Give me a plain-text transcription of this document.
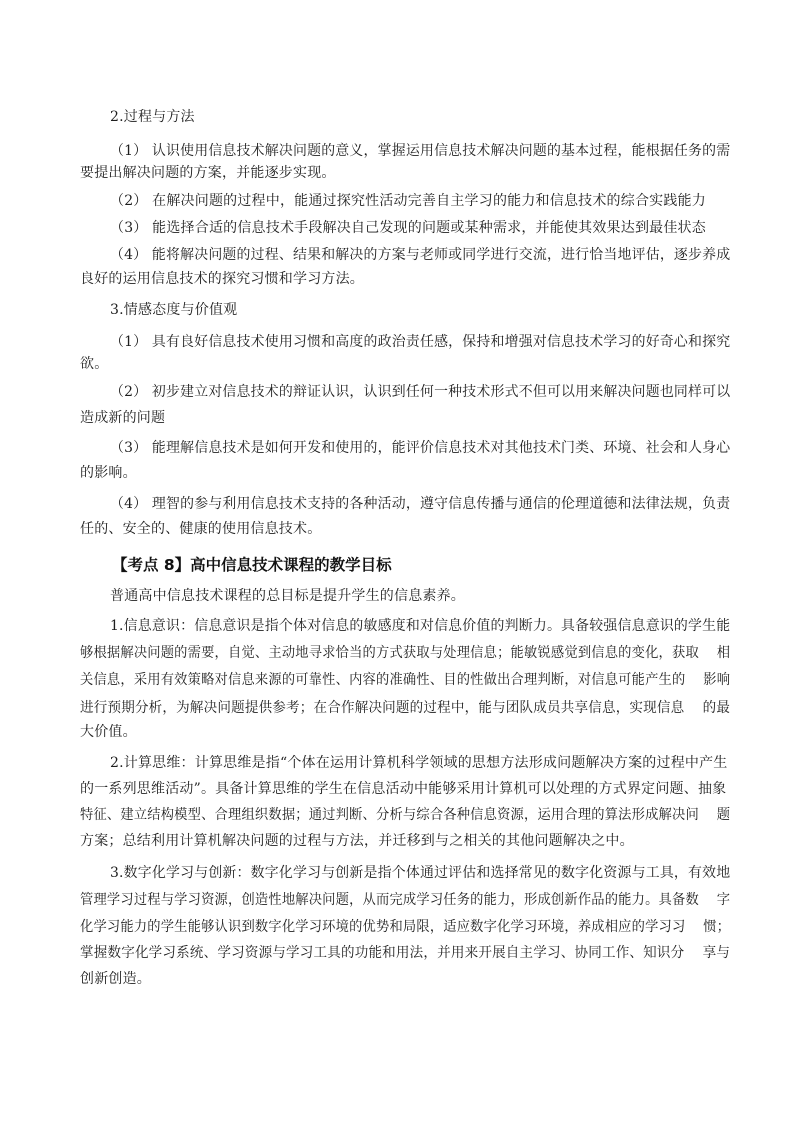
2.过程与方法

（1） 认识使用信息技术解决问题的意义，掌握运用信息技术解决问题的基本过程，能根据任务的需

要提出解决问题的方案，并能逐步实现。

（2） 在解决问题的过程中，能通过探究性活动完善自主学习的能力和信息技术的综合实践能力

（3） 能选择合适的信息技术手段解决自己发现的问题或某种需求，并能使其效果达到最佳状态

（4） 能将解决问题的过程、结果和解决的方案与老师或同学进行交流，进行恰当地评估，逐步养成

良好的运用信息技术的探究习惯和学习方法。

3.情感态度与价值观

（1） 具有良好信息技术使用习惯和高度的政治责任感，保持和增强对信息技术学习的好奇心和探究

欲。

（2） 初步建立对信息技术的辩证认识，认识到任何一种技术形式不但可以用来解决问题也同样可以

造成新的问题

（3） 能理解信息技术是如何开发和使用的，能评价信息技术对其他技术门类、环境、社会和人身心

的影响。

（4） 理智的参与利用信息技术支持的各种活动，遵守信息传播与通信的伦理道德和法律法规，负责

任的、安全的、健康的使用信息技术。

【考点 8】高中信息技术课程的教学目标

普通高中信息技术课程的总目标是提升学生的信息素养。

1.信息意识：信息意识是指个体对信息的敏感度和对信息价值的判断力。具备较强信息意识的学生能

够根据解决问题的需要，自觉、主动地寻求恰当的方式获取与处理信息；能敏锐感觉到信息的变化，获取　 相

关信息，采用有效策略对信息来源的可靠性、内容的准确性、目的性做出合理判断，对信息可能产生的　 影响

进行预期分析，为解决问题提供参考；在合作解决问题的过程中，能与团队成员共享信息，实现信息　 的最

大价值。

2.计算思维：计算思维是指“个体在运用计算机科学领域的思想方法形成问题解决方案的过程中产生

的一系列思维活动”。具备计算思维的学生在信息活动中能够采用计算机可以处理的方式界定问题、抽象

特征、建立结构模型、合理组织数据；通过判断、分析与综合各种信息资源，运用合理的算法形成解决问　 题

方案；总结利用计算机解决问题的过程与方法，并迁移到与之相关的其他问题解决之中。

3.数字化学习与创新：数字化学习与创新是指个体通过评估和选择常见的数字化资源与工具，有效地

管理学习过程与学习资源，创造性地解决问题，从而完成学习任务的能力，形成创新作品的能力。具备数　 字

化学习能力的学生能够认识到数字化学习环境的优势和局限，适应数字化学习环境，养成相应的学习习　 惯；

掌握数字化学习系统、学习资源与学习工具的功能和用法，并用来开展自主学习、协同工作、知识分　 享与

创新创造。
